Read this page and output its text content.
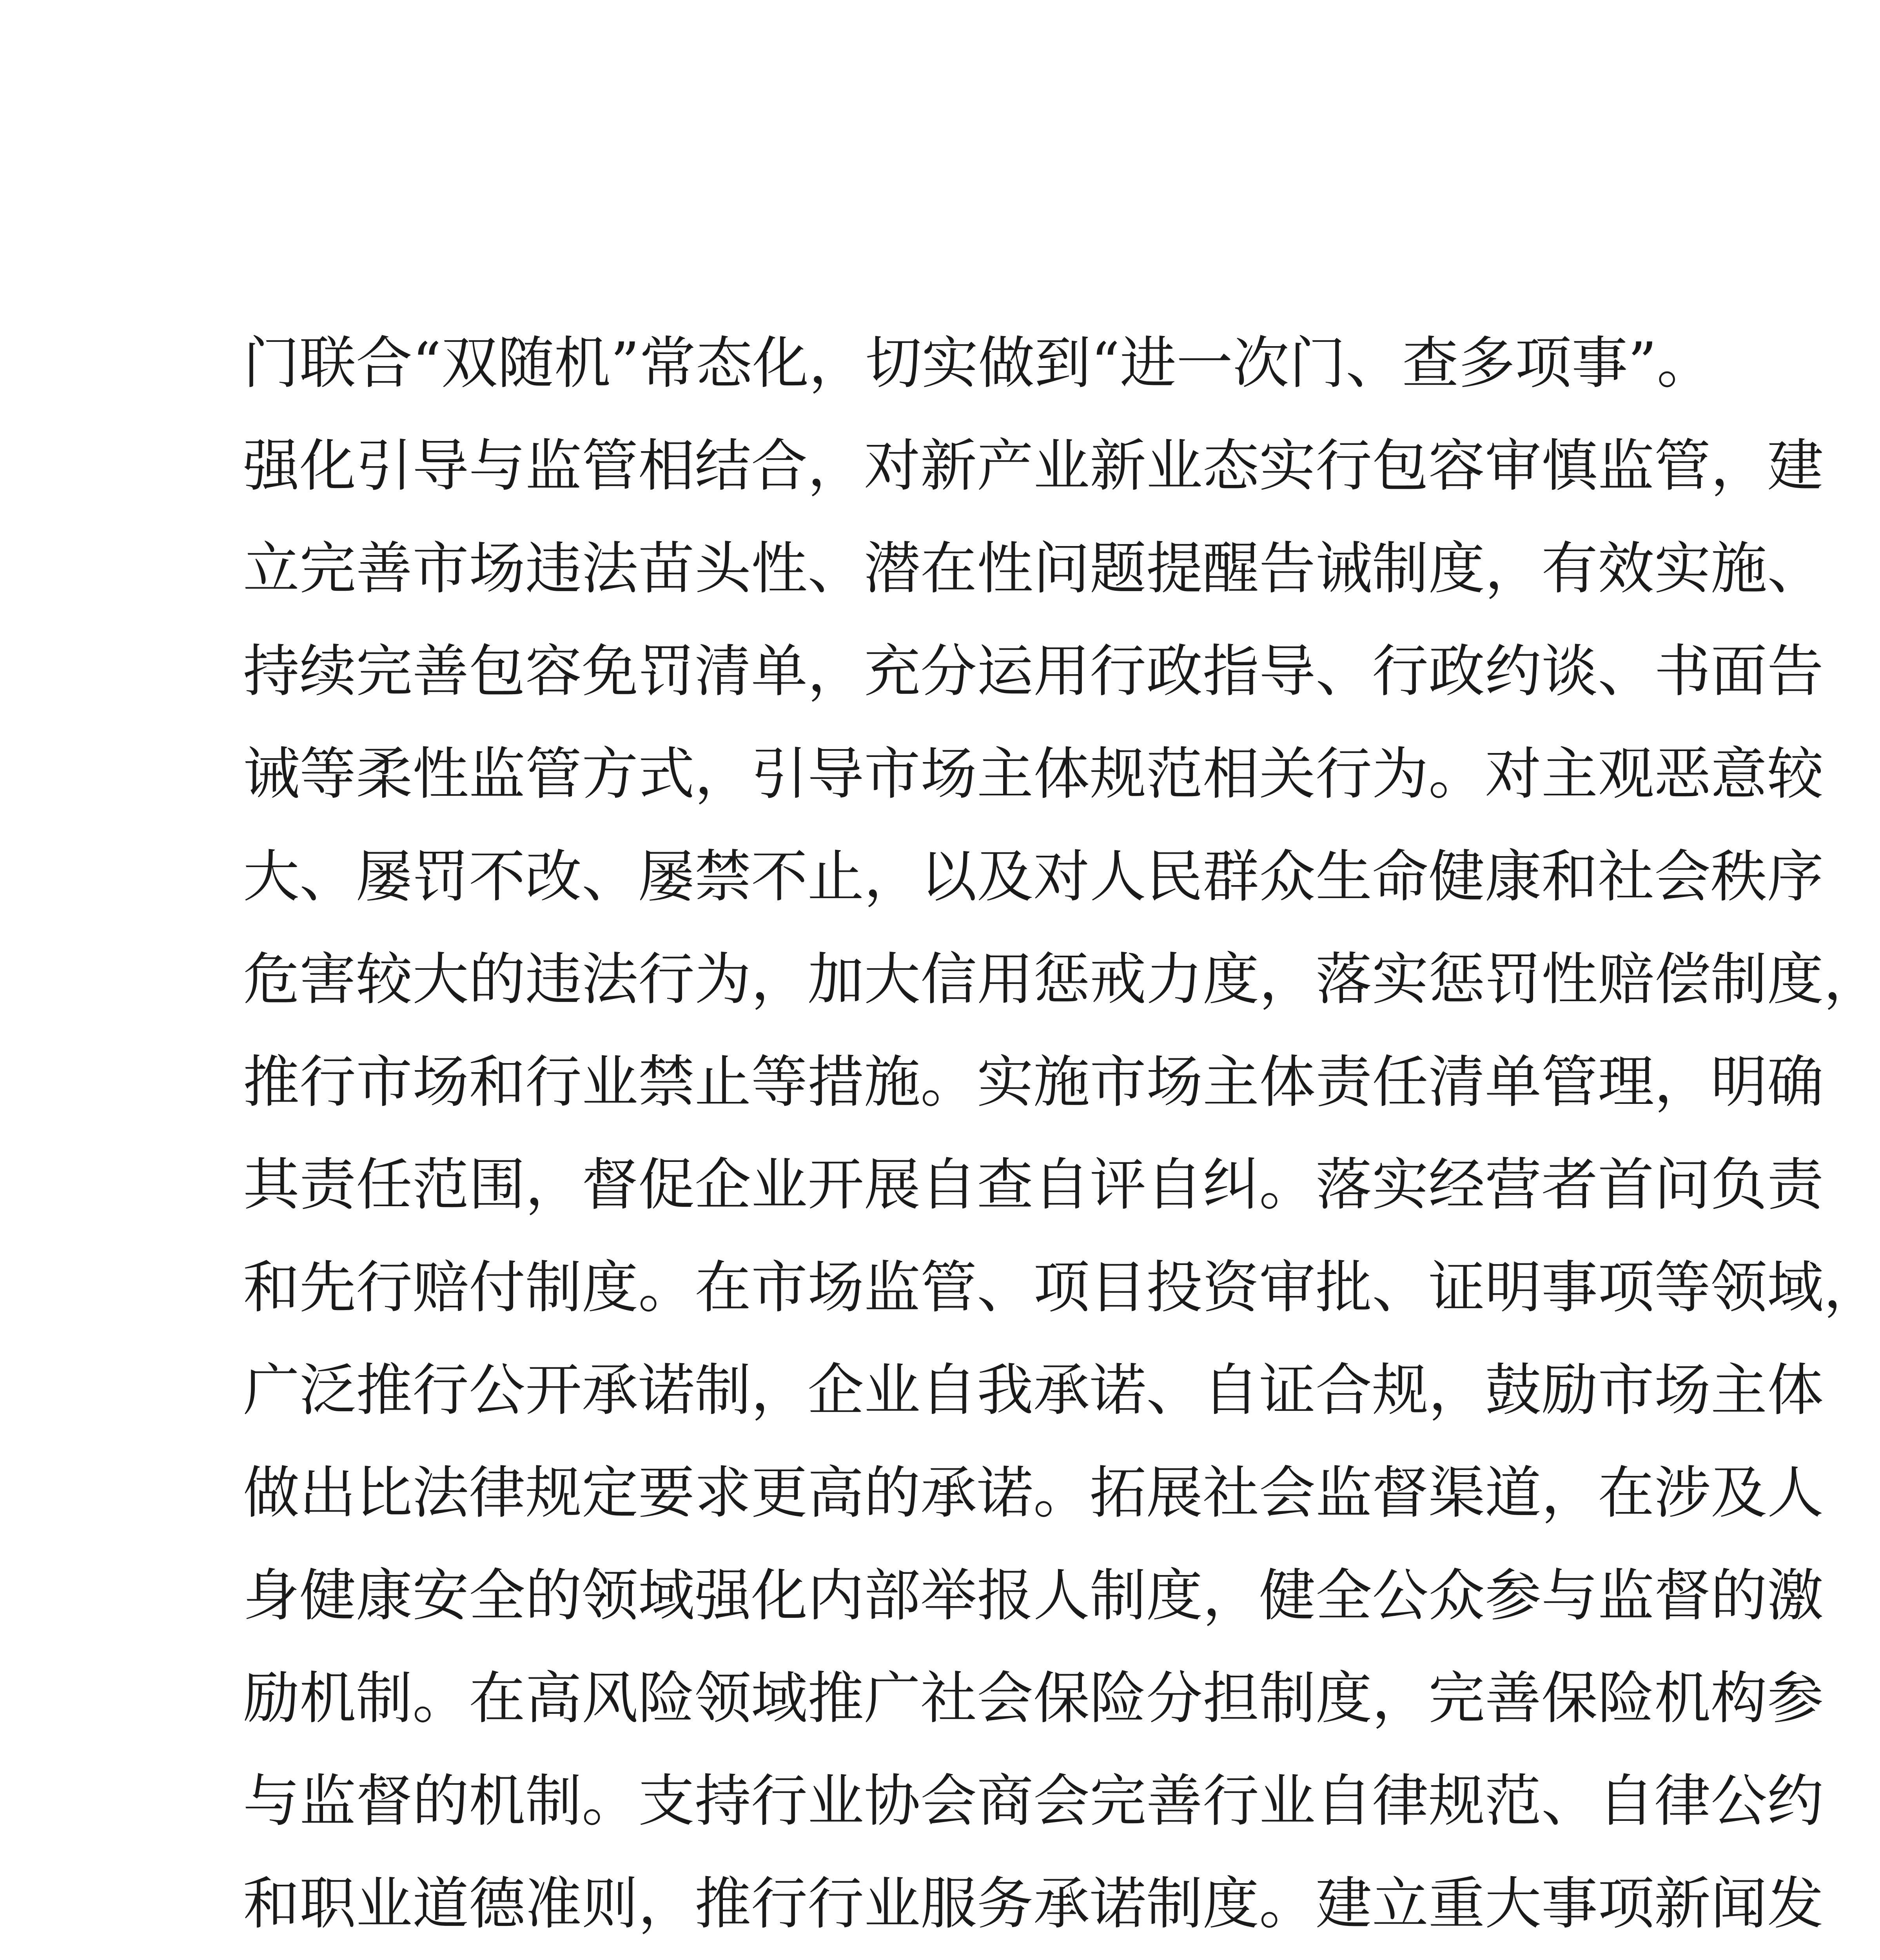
门联合“双随机”常态化，切实做到“进一次门、查多项事”。
强化引导与监管相结合，对新产业新业态实行包容审慎监管，建
立完善市场违法苗头性、潜在性问题提醒告诫制度，有效实施、
持续完善包容免罚清单，充分运用行政指导、行政约谈、书面告
诫等柔性监管方式，引导市场主体规范相关行为。对主观恶意较
大、屡罚不改、屡禁不止，以及对人民群众生命健康和社会秩序
危害较大的违法行为，加大信用惩戒力度，落实惩罚性赔偿制度，
推行市场和行业禁止等措施。实施市场主体责任清单管理，明确
其责任范围，督促企业开展自查自评自纠。落实经营者首问负责
和先行赔付制度。在市场监管、项目投资审批、证明事项等领域，
广泛推行公开承诺制，企业自我承诺、自证合规，鼓励市场主体
做出比法律规定要求更高的承诺。拓展社会监督渠道，在涉及人
身健康安全的领域强化内部举报人制度，健全公众参与监督的激
励机制。在高风险领域推广社会保险分担制度，完善保险机构参
与监督的机制。支持行业协会商会完善行业自律规范、自律公约
和职业道德准则，推行行业服务承诺制度。建立重大事项新闻发
